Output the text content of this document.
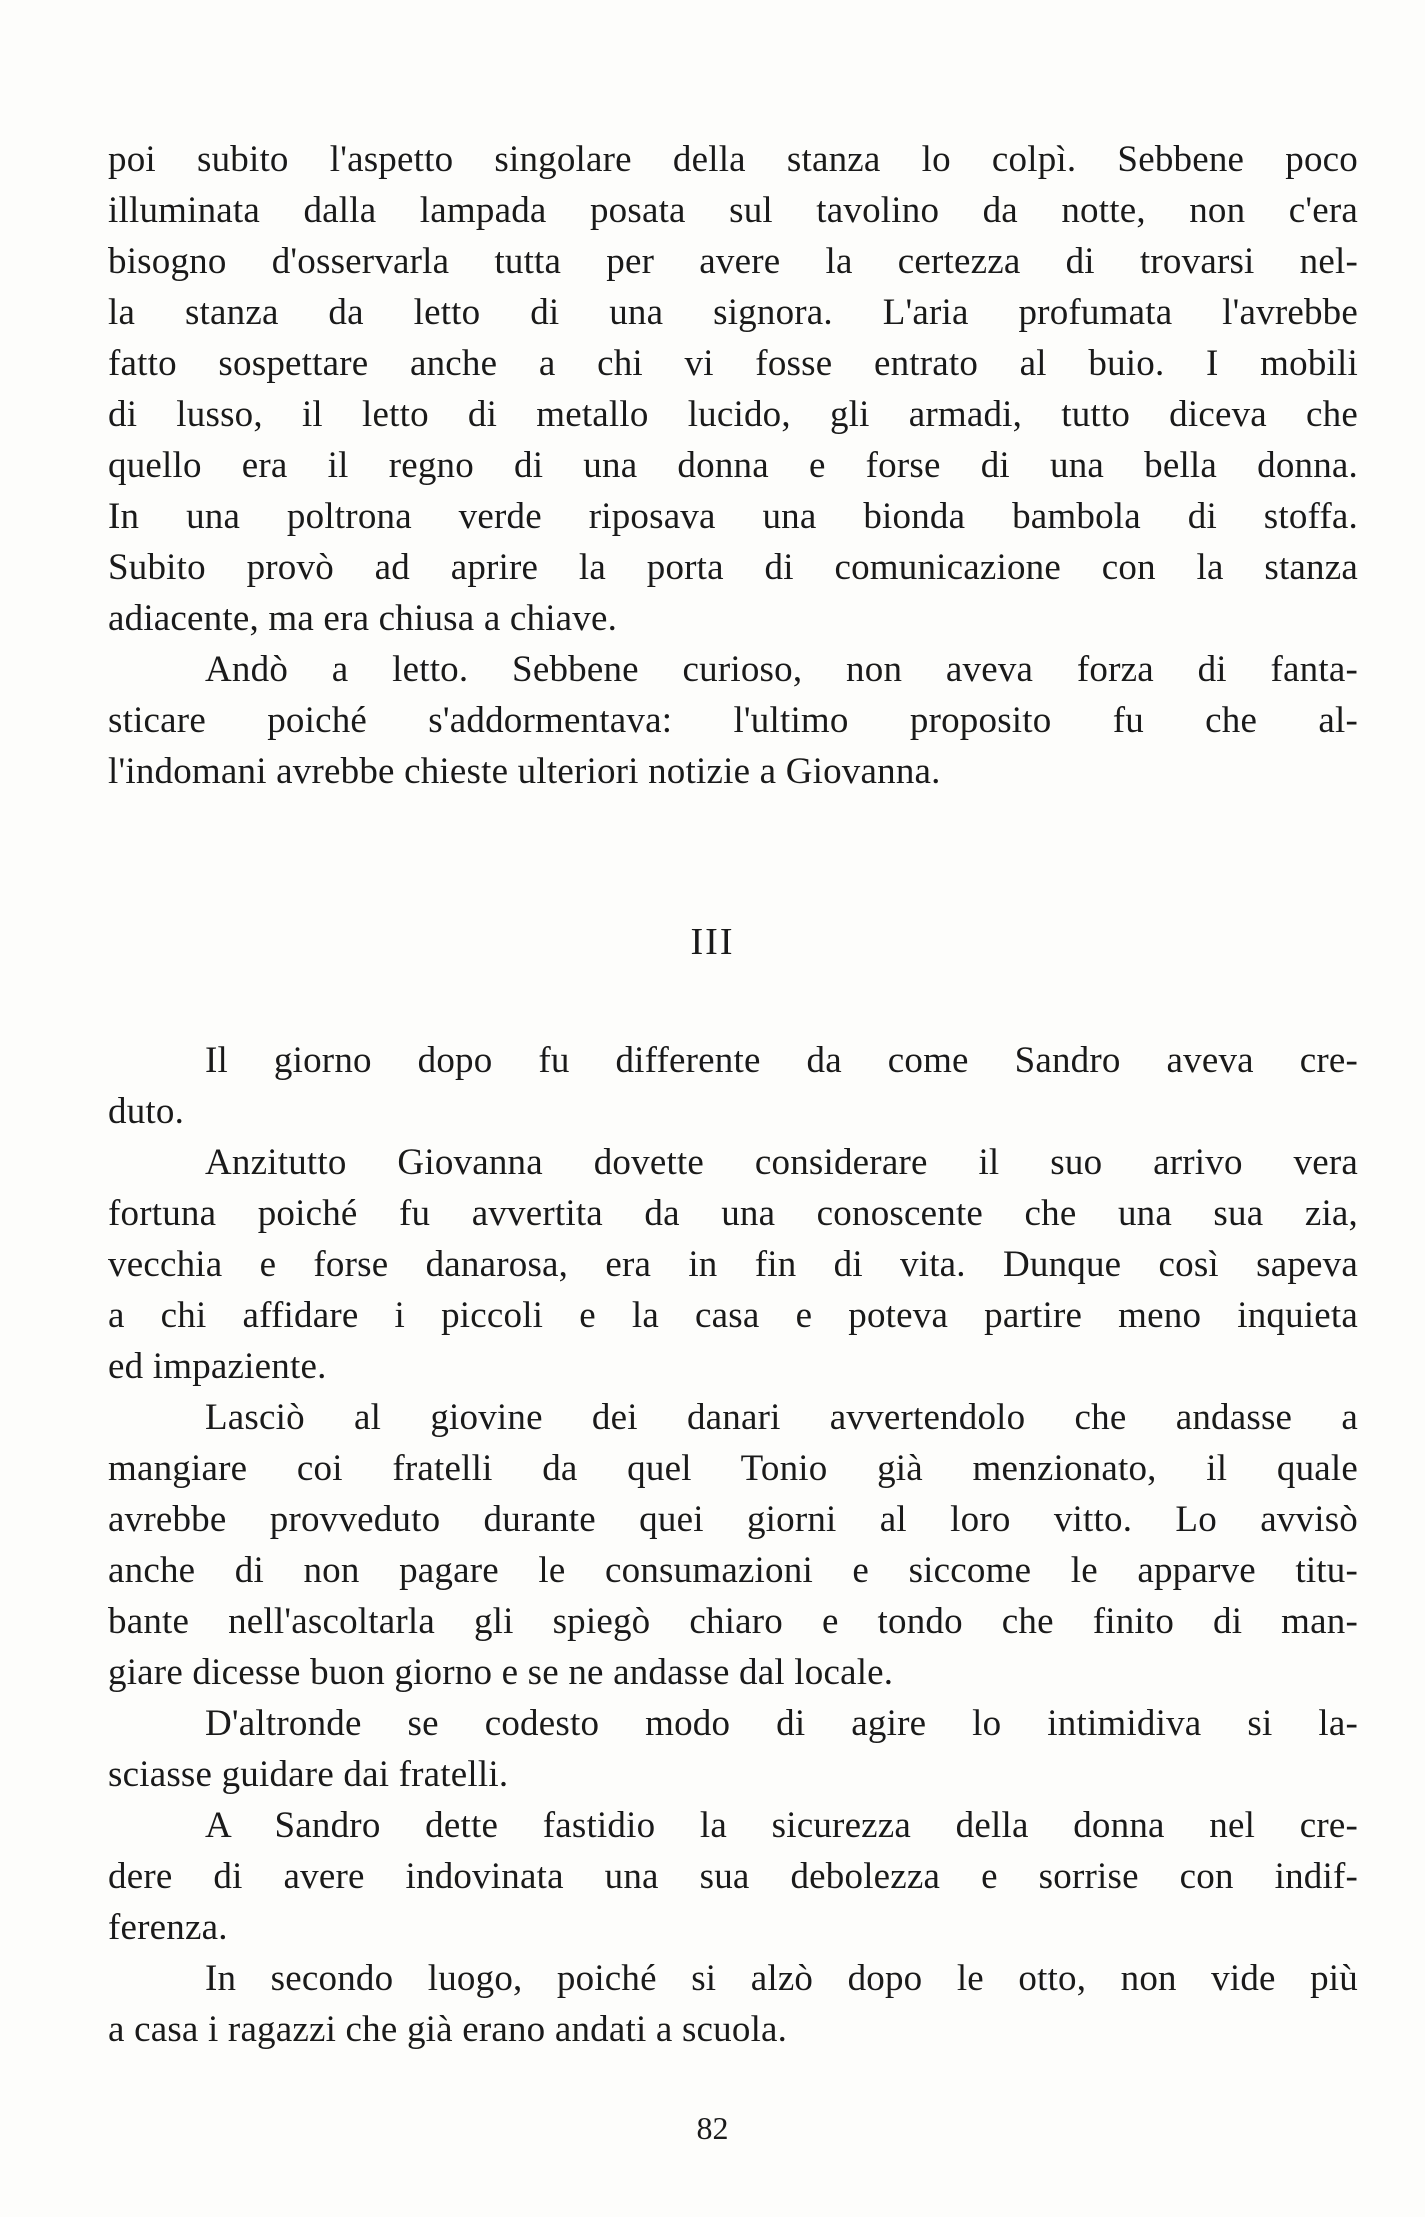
poi subito l'aspetto singolare della stanza lo colpì. Sebbene poco
illuminata dalla lampada posata sul tavolino da notte, non c'era
bisogno d'osservarla tutta per avere la certezza di trovarsi nel-
la stanza da letto di una signora. L'aria profumata l'avrebbe
fatto sospettare anche a chi vi fosse entrato al buio. I mobili
di lusso, il letto di metallo lucido, gli armadi, tutto diceva che
quello era il regno di una donna e forse di una bella donna.
In una poltrona verde riposava una bionda bambola di stoffa.
Subito provò ad aprire la porta di comunicazione con la stanza
adiacente, ma era chiusa a chiave.
Andò a letto. Sebbene curioso, non aveva forza di fanta-
sticare poiché s'addormentava: l'ultimo proposito fu che al-
l'indomani avrebbe chieste ulteriori notizie a Giovanna.
III
Il giorno dopo fu differente da come Sandro aveva cre-
duto.
Anzitutto Giovanna dovette considerare il suo arrivo vera
fortuna poiché fu avvertita da una conoscente che una sua zia,
vecchia e forse danarosa, era in fin di vita. Dunque così sapeva
a chi affidare i piccoli e la casa e poteva partire meno inquieta
ed impaziente.
Lasciò al giovine dei danari avvertendolo che andasse a
mangiare coi fratelli da quel Tonio già menzionato, il quale
avrebbe provveduto durante quei giorni al loro vitto. Lo avvisò
anche di non pagare le consumazioni e siccome le apparve titu-
bante nell'ascoltarla gli spiegò chiaro e tondo che finito di man-
giare dicesse buon giorno e se ne andasse dal locale.
D'altronde se codesto modo di agire lo intimidiva si la-
sciasse guidare dai fratelli.
A Sandro dette fastidio la sicurezza della donna nel cre-
dere di avere indovinata una sua debolezza e sorrise con indif-
ferenza.
In secondo luogo, poiché si alzò dopo le otto, non vide più
a casa i ragazzi che già erano andati a scuola.
82
